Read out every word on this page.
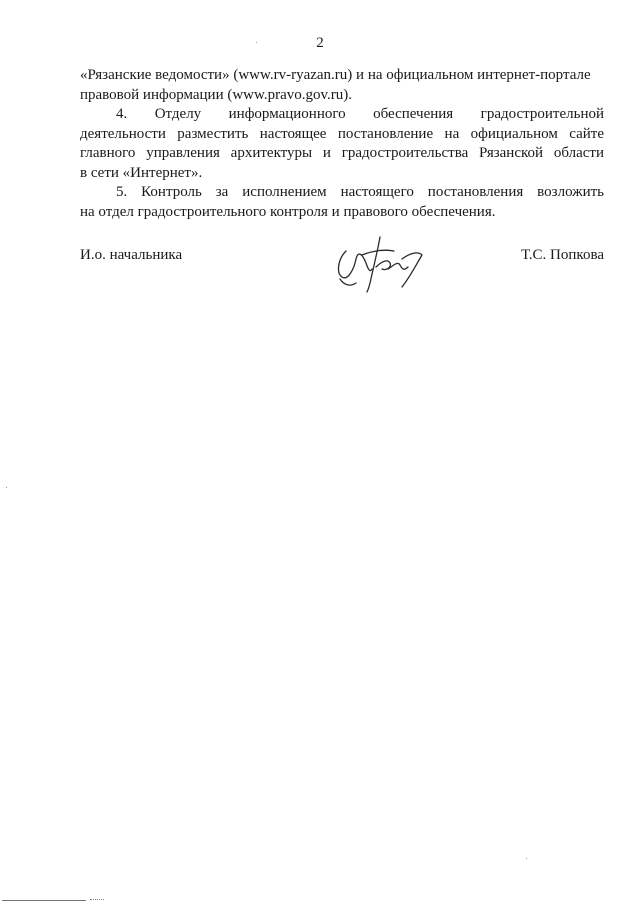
2
«Рязанские ведомости» (www.rv-ryazan.ru) и на официальном интернет-портале
правовой информации (www.pravo.gov.ru).
4. Отделу информационного обеспечения градостроительной
деятельности разместить настоящее постановление на официальном сайте
главного управления архитектуры и градостроительства Рязанской области
в сети «Интернет».
5. Контроль за исполнением настоящего постановления возложить
на отдел градостроительного контроля и правового обеспечения.
И.о. начальника	Т.С. Попкова
